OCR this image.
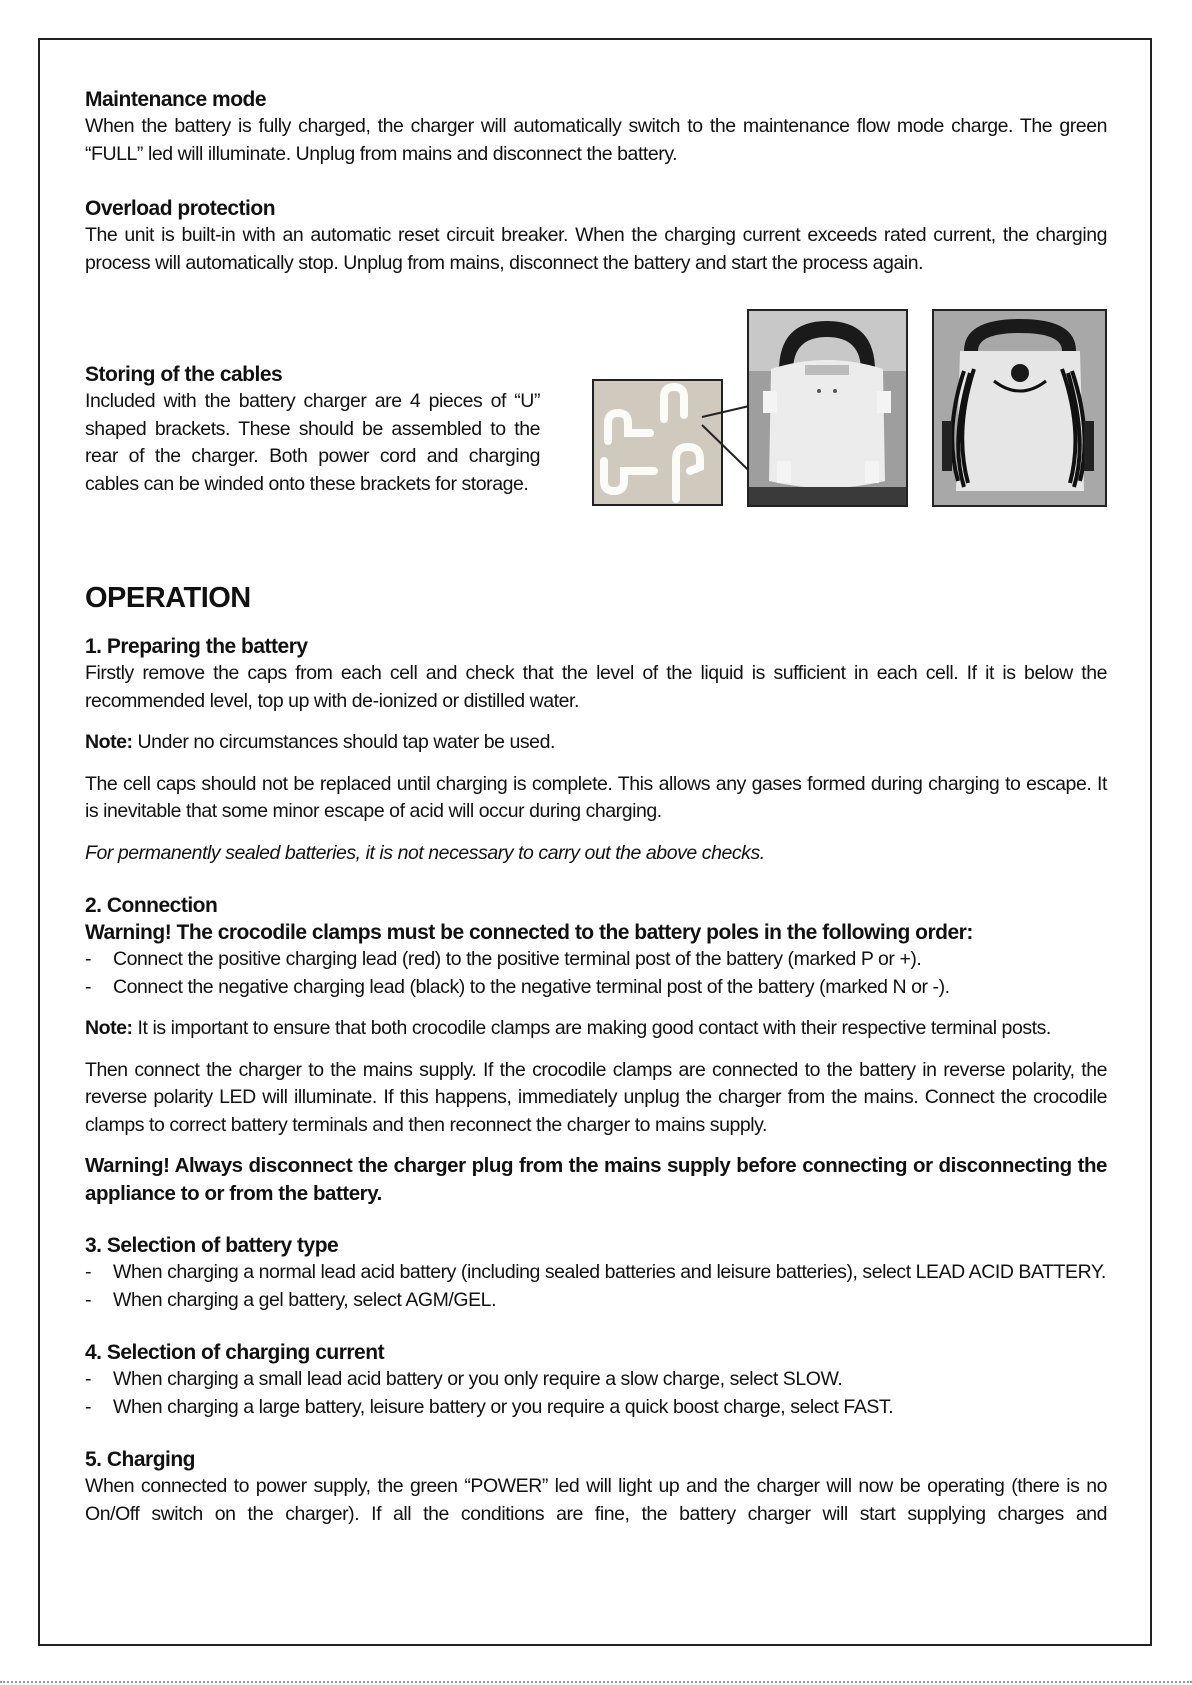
Maintenance mode

When the battery is fully charged, the charger will automatically switch to the maintenance flow mode charge. The green “FULL” led will illuminate. Unplug from mains and disconnect the battery.

Overload protection

The unit is built-in with an automatic reset circuit breaker. When the charging current exceeds rated current, the charging process will automatically stop. Unplug from mains, disconnect the battery and start the process again.

Storing of the cables

Included with the battery charger are 4 pieces of “U” shaped brackets. These should be assembled to the rear of the charger. Both power cord and charging cables can be winded onto these brackets for storage.

OPERATION

1. Preparing the battery

Firstly remove the caps from each cell and check that the level of the liquid is sufficient in each cell. If it is below the recommended level, top up with de-ionized or distilled water.

Note: Under no circumstances should tap water be used.

The cell caps should not be replaced until charging is complete. This allows any gases formed during charging to escape. It is inevitable that some minor escape of acid will occur during charging.

For permanently sealed batteries, it is not necessary to carry out the above checks.

2. Connection

Warning! The crocodile clamps must be connected to the battery poles in the following order:

- Connect the positive charging lead (red) to the positive terminal post of the battery (marked P or +).
- Connect the negative charging lead (black) to the negative terminal post of the battery (marked N or -).

Note: It is important to ensure that both crocodile clamps are making good contact with their respective terminal posts.

Then connect the charger to the mains supply. If the crocodile clamps are connected to the battery in reverse polarity, the reverse polarity LED will illuminate. If this happens, immediately unplug the charger from the mains. Connect the crocodile clamps to correct battery terminals and then reconnect the charger to mains supply.

Warning! Always disconnect the charger plug from the mains supply before connecting or disconnecting the appliance to or from the battery.

3. Selection of battery type

- When charging a normal lead acid battery (including sealed batteries and leisure batteries), select LEAD ACID BATTERY.
- When charging a gel battery, select AGM/GEL.

4. Selection of charging current

- When charging a small lead acid battery or you only require a slow charge, select SLOW.
- When charging a large battery, leisure battery or you require a quick boost charge, select FAST.

5. Charging

When connected to power supply, the green “POWER” led will light up and the charger will now be operating (there is no On/Off switch on the charger). If all the conditions are fine, the battery charger will start supplying charges and
